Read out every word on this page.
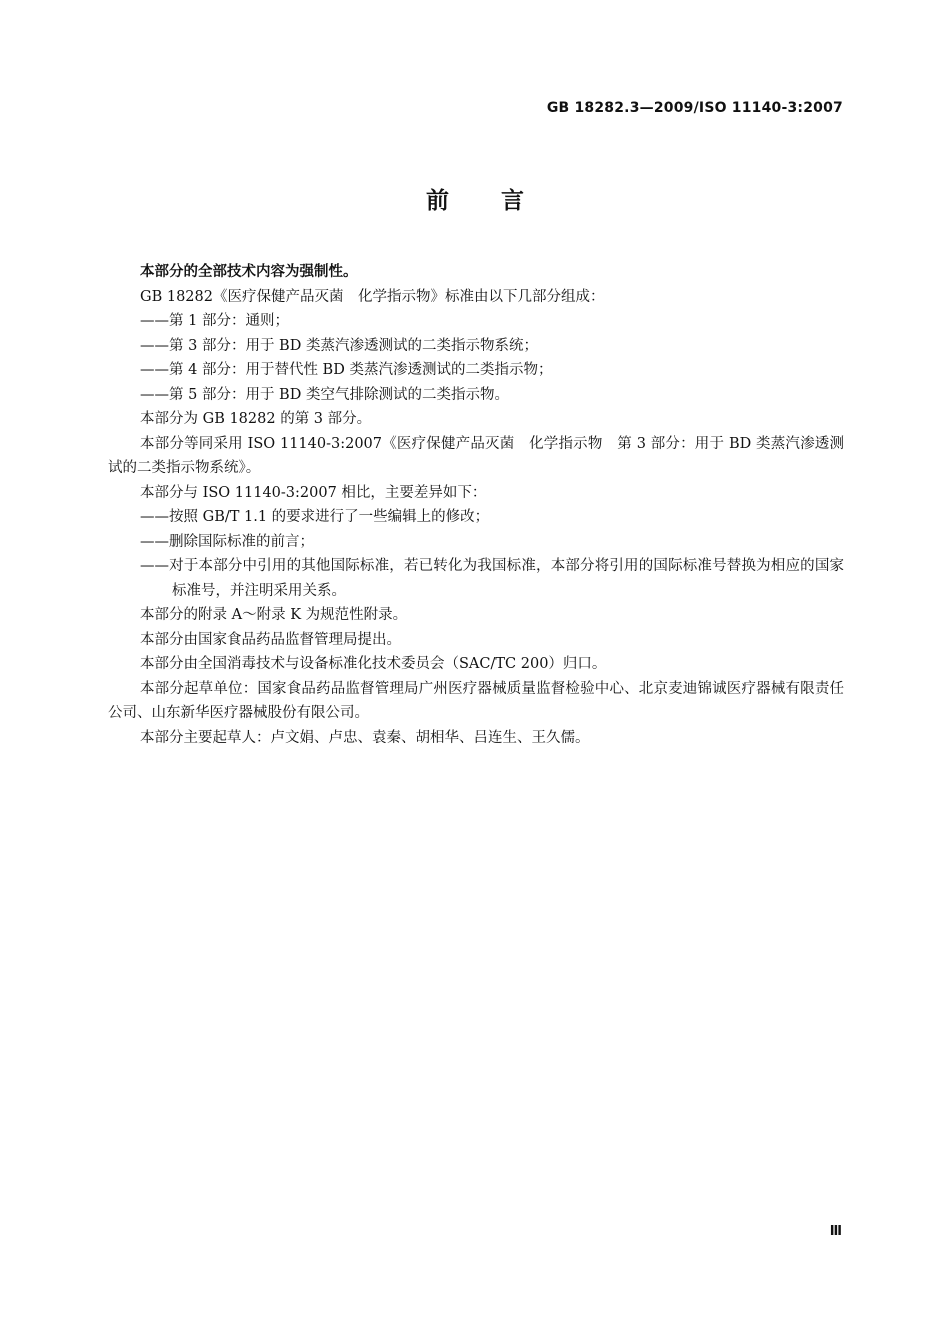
GB 18282.3—2009/ISO 11140-3:2007
前言

本部分的全部技术内容为强制性。

GB 18282《医疗保健产品灭菌　化学指示物》标准由以下几部分组成：

——第 1 部分：通则；

——第 3 部分：用于 BD 类蒸汽渗透测试的二类指示物系统；

——第 4 部分：用于替代性 BD 类蒸汽渗透测试的二类指示物；

——第 5 部分：用于 BD 类空气排除测试的二类指示物。

本部分为 GB 18282 的第 3 部分。

本部分等同采用 ISO 11140-3:2007《医疗保健产品灭菌　化学指示物　第 3 部分：用于 BD 类蒸汽渗透测试的二类指示物系统》。

本部分与 ISO 11140-3:2007 相比，主要差异如下：

——按照 GB/T 1.1 的要求进行了一些编辑上的修改；

——删除国际标准的前言；

——对于本部分中引用的其他国际标准，若已转化为我国标准，本部分将引用的国际标准号替换为相应的国家标准号，并注明采用关系。

本部分的附录 A～附录 K 为规范性附录。

本部分由国家食品药品监督管理局提出。

本部分由全国消毒技术与设备标准化技术委员会（SAC/TC 200）归口。

本部分起草单位：国家食品药品监督管理局广州医疗器械质量监督检验中心、北京麦迪锦诚医疗器械有限责任公司、山东新华医疗器械股份有限公司。

本部分主要起草人：卢文娟、卢忠、袁秦、胡相华、吕连生、王久儒。

Ⅲ
